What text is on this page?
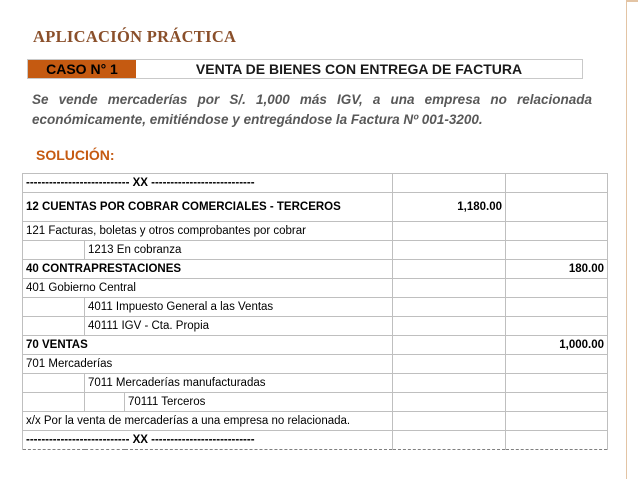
APLICACIÓN PRÁCTICA
CASO N° 1	VENTA DE BIENES CON ENTREGA DE FACTURA
Se vende mercaderías por S/. 1,000 más IGV, a una empresa no relacionada económicamente, emitiéndose y entregándose la Factura Nº 001-3200.
SOLUCIÓN:
--------------------------- XX ---------------------------				
12 CUENTAS POR COBRAR COMERCIALES - TERCEROS			1,180.00	
121 Facturas, boletas y otros comprobantes por cobrar				
	1213 En cobranza			
40 CONTRAPRESTACIONES				180.00
401 Gobierno Central				
	4011 Impuesto General a las Ventas			
	40111 IGV - Cta. Propia			
70 VENTAS				1,000.00
701 Mercaderías				
	7011 Mercaderías manufacturadas			
		70111 Terceros		
x/x Por la venta de mercaderías a una empresa no relacionada.				
--------------------------- XX ---------------------------				
